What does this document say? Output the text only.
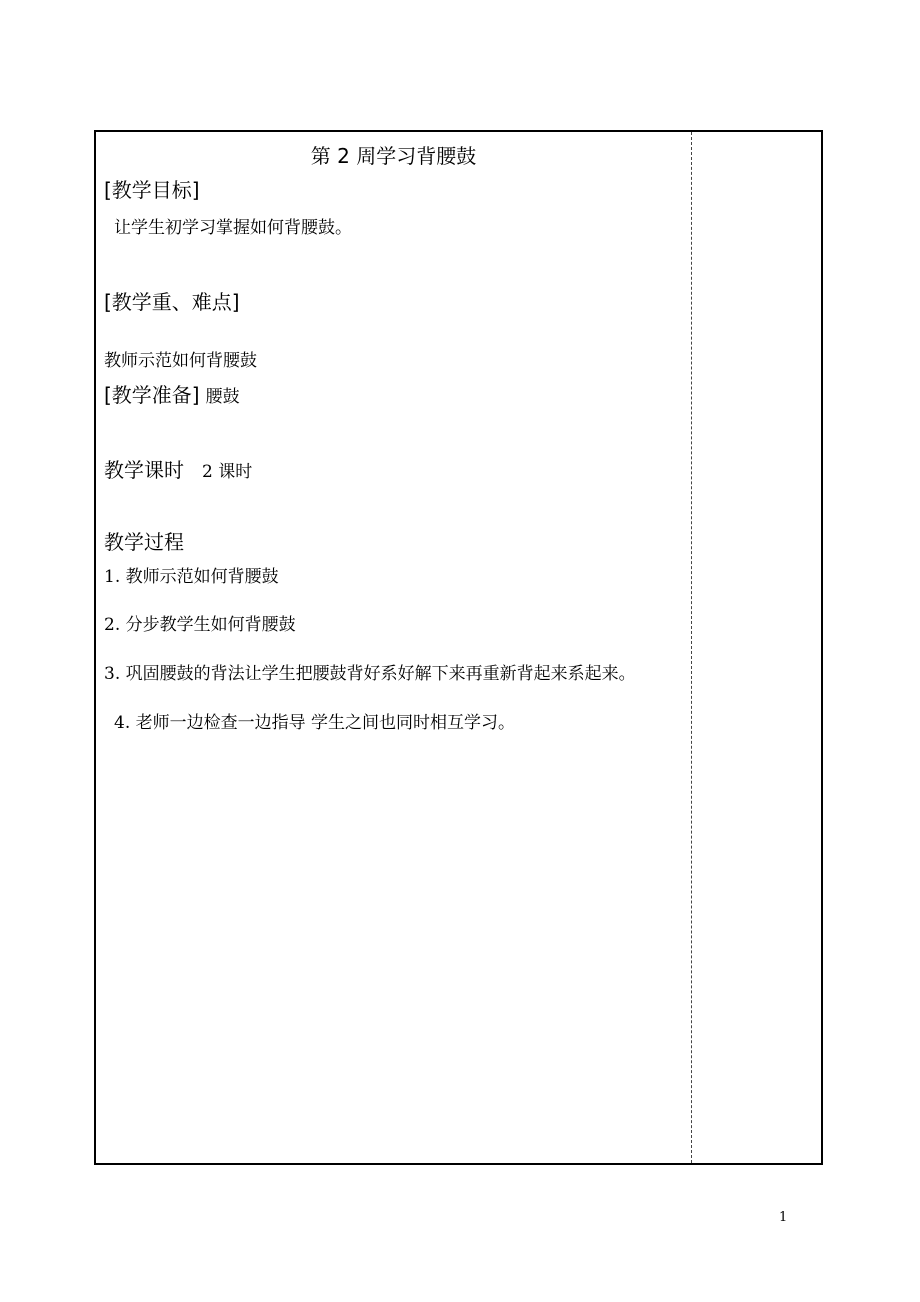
第 2 周学习背腰鼓
[教学目标]
让学生初学习掌握如何背腰鼓。
[教学重、难点]
教师示范如何背腰鼓
[教学准备] 腰鼓
教学课时 2 课时
教学过程
1. 教师示范如何背腰鼓
2. 分步教学生如何背腰鼓
3. 巩固腰鼓的背法让学生把腰鼓背好系好解下来再重新背起来系起来。
4. 老师一边检查一边指导 学生之间也同时相互学习。
1
